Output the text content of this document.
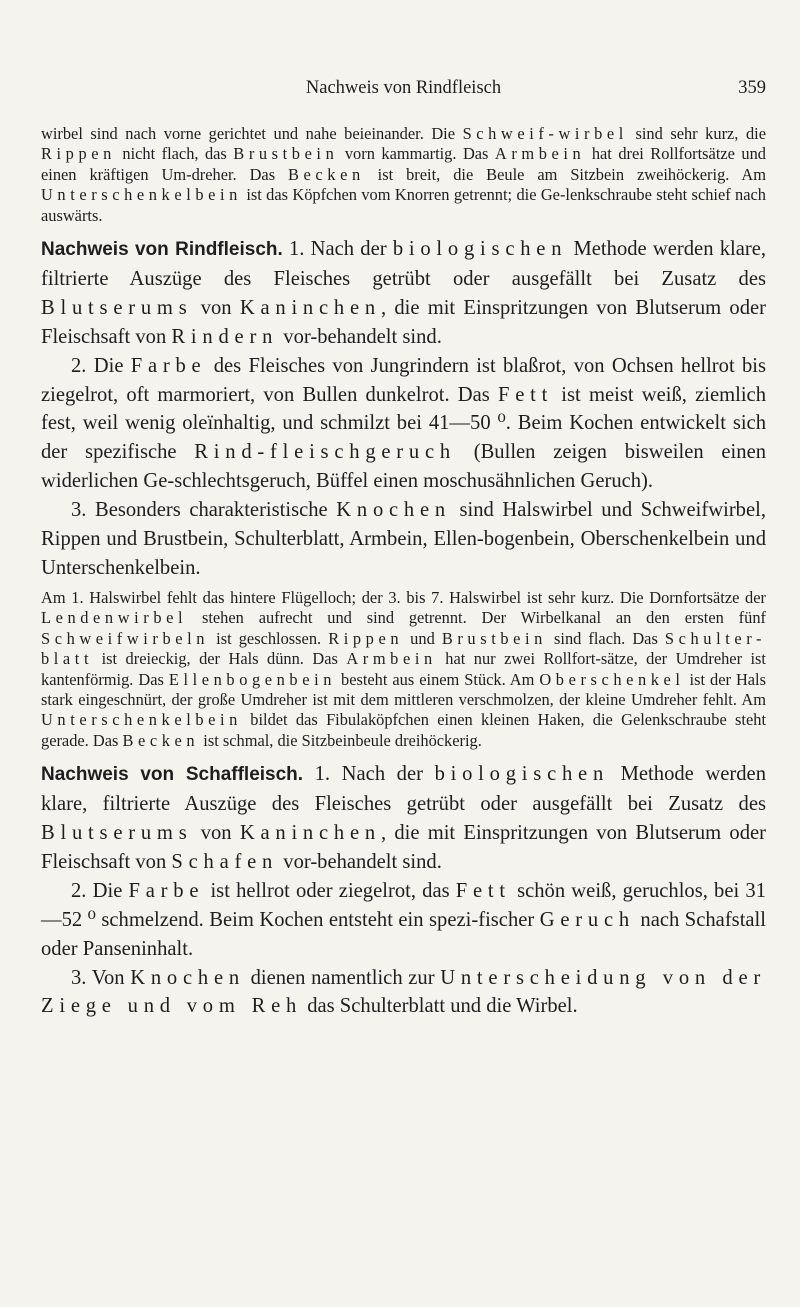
Nachweis von Rindfleisch	359

wirbel sind nach vorne gerichtet und nahe beieinander. Die Schweif-wirbel sind sehr kurz, die Rippen nicht flach, das Brustbein vorn kammartig. Das Armbein hat drei Rollfortsätze und einen kräftigen Um-dreher. Das Becken ist breit, die Beule am Sitzbein zweihöckerig. Am Unterschenkelbein ist das Köpfchen vom Knorren getrennt; die Ge-lenkschraube steht schief nach auswärts.

Nachweis von Rindfleisch. 1. Nach der biologischen Methode werden klare, filtrierte Auszüge des Fleisches getrübt oder ausgefällt bei Zusatz des Blutserums von Kaninchen, die mit Einspritzungen von Blutserum oder Fleischsaft von Rindern vor-behandelt sind.

2. Die Farbe des Fleisches von Jungrindern ist blaßrot, von Ochsen hellrot bis ziegelrot, oft marmoriert, von Bullen dunkelrot. Das Fett ist meist weiß, ziemlich fest, weil wenig oleïnhaltig, und schmilzt bei 41—50 ⁰. Beim Kochen entwickelt sich der spezifische Rind-fleischgeruch (Bullen zeigen bisweilen einen widerlichen Ge-schlechtsgeruch, Büffel einen moschusähnlichen Geruch).

3. Besonders charakteristische Knochen sind Halswirbel und Schweifwirbel, Rippen und Brustbein, Schulterblatt, Armbein, Ellen-bogenbein, Oberschenkelbein und Unterschenkelbein.

Am 1. Halswirbel fehlt das hintere Flügelloch; der 3. bis 7. Halswirbel ist sehr kurz. Die Dornfortsätze der Lendenwirbel stehen aufrecht und sind getrennt. Der Wirbelkanal an den ersten fünf Schweifwirbeln ist geschlossen. Rippen und Brustbein sind flach. Das Schulter-blatt ist dreieckig, der Hals dünn. Das Armbein hat nur zwei Rollfort-sätze, der Umdreher ist kantenförmig. Das Ellenbogenbein besteht aus einem Stück. Am Oberschenkel ist der Hals stark eingeschnürt, der große Umdreher ist mit dem mittleren verschmolzen, der kleine Umdreher fehlt. Am Unterschenkelbein bildet das Fibulaköpfchen einen kleinen Haken, die Gelenkschraube steht gerade. Das Becken ist schmal, die Sitzbeinbeule dreihöckerig.

Nachweis von Schaffleisch. 1. Nach der biologischen Methode werden klare, filtrierte Auszüge des Fleisches getrübt oder ausgefällt bei Zusatz des Blutserums von Kaninchen, die mit Einspritzungen von Blutserum oder Fleischsaft von Schafen vor-behandelt sind.

2. Die Farbe ist hellrot oder ziegelrot, das Fett schön weiß, geruchlos, bei 31—52 ⁰ schmelzend. Beim Kochen entsteht ein spezi-fischer Geruch nach Schafstall oder Panseninhalt.

3. Von Knochen dienen namentlich zur Unterscheidung von der Ziege und vom Reh das Schulterblatt und die Wirbel.
